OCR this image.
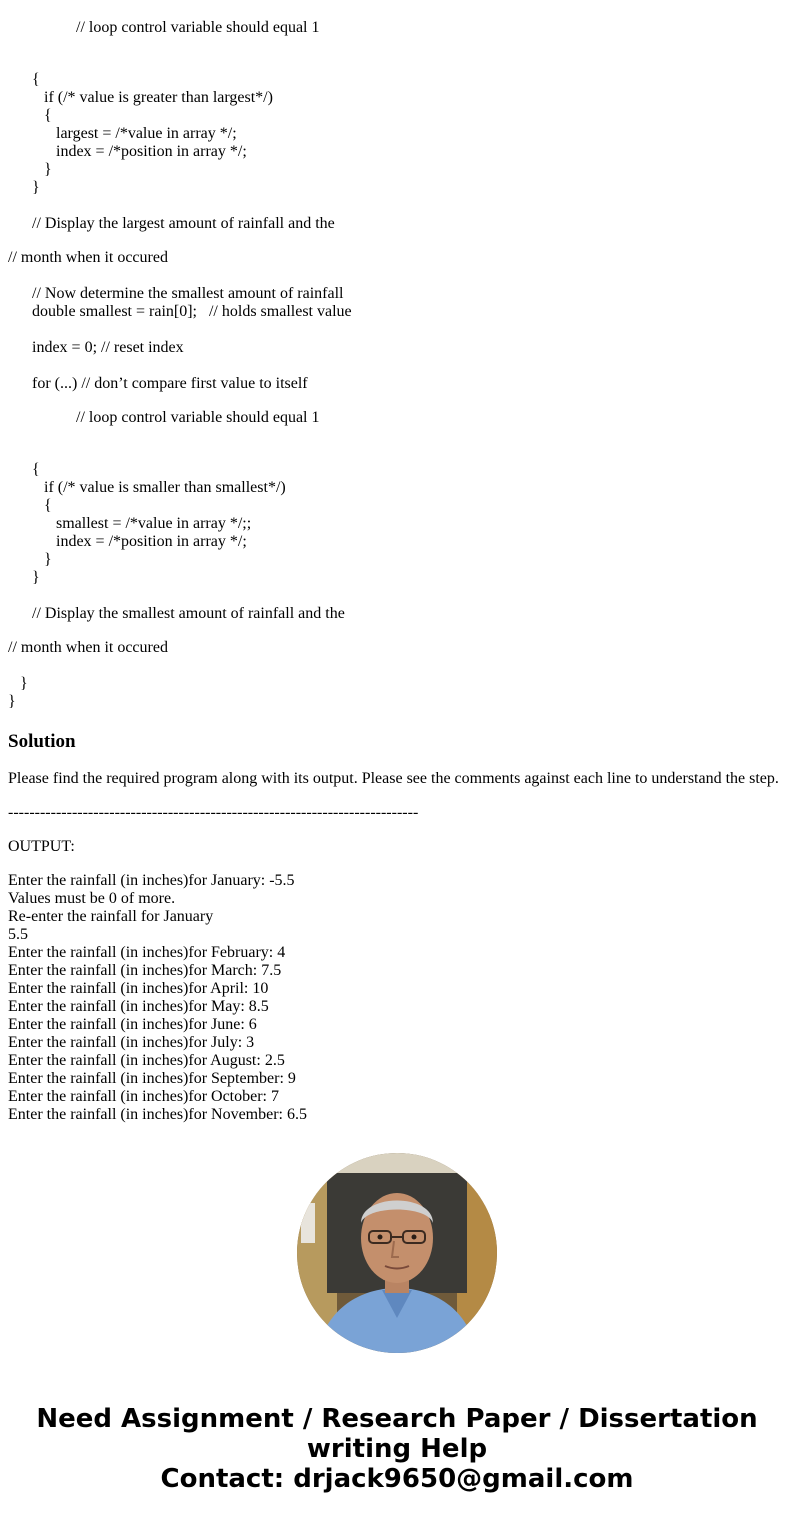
// loop control variable should equal 1
{
if (/* value is greater than largest*/)
{
largest = /*value in array */;
index = /*position in array */;
}
}
// Display the largest amount of rainfall and the
// month when it occured
// Now determine the smallest amount of rainfall
double smallest = rain[0];   // holds smallest value
index = 0; // reset index
for (...) // don’t compare first value to itself
// loop control variable should equal 1
{
if (/* value is smaller than smallest*/)
{
smallest = /*value in array */;;
index = /*position in array */;
}
}
// Display the smallest amount of rainfall and the
// month when it occured
}
}
Solution
Please find the required program along with its output. Please see the comments against each line to understand the step.
-----------------------------------------------------------------------------
OUTPUT:
Enter the rainfall (in inches)for January: -5.5
Values must be 0 of more.
Re-enter the rainfall for January
5.5
Enter the rainfall (in inches)for February: 4
Enter the rainfall (in inches)for March: 7.5
Enter the rainfall (in inches)for April: 10
Enter the rainfall (in inches)for May: 8.5
Enter the rainfall (in inches)for June: 6
Enter the rainfall (in inches)for July: 3
Enter the rainfall (in inches)for August: 2.5
Enter the rainfall (in inches)for September: 9
Enter the rainfall (in inches)for October: 7
Enter the rainfall (in inches)for November: 6.5
Need Assignment / Research Paper / Dissertation
writing Help
Contact: drjack9650@gmail.com
